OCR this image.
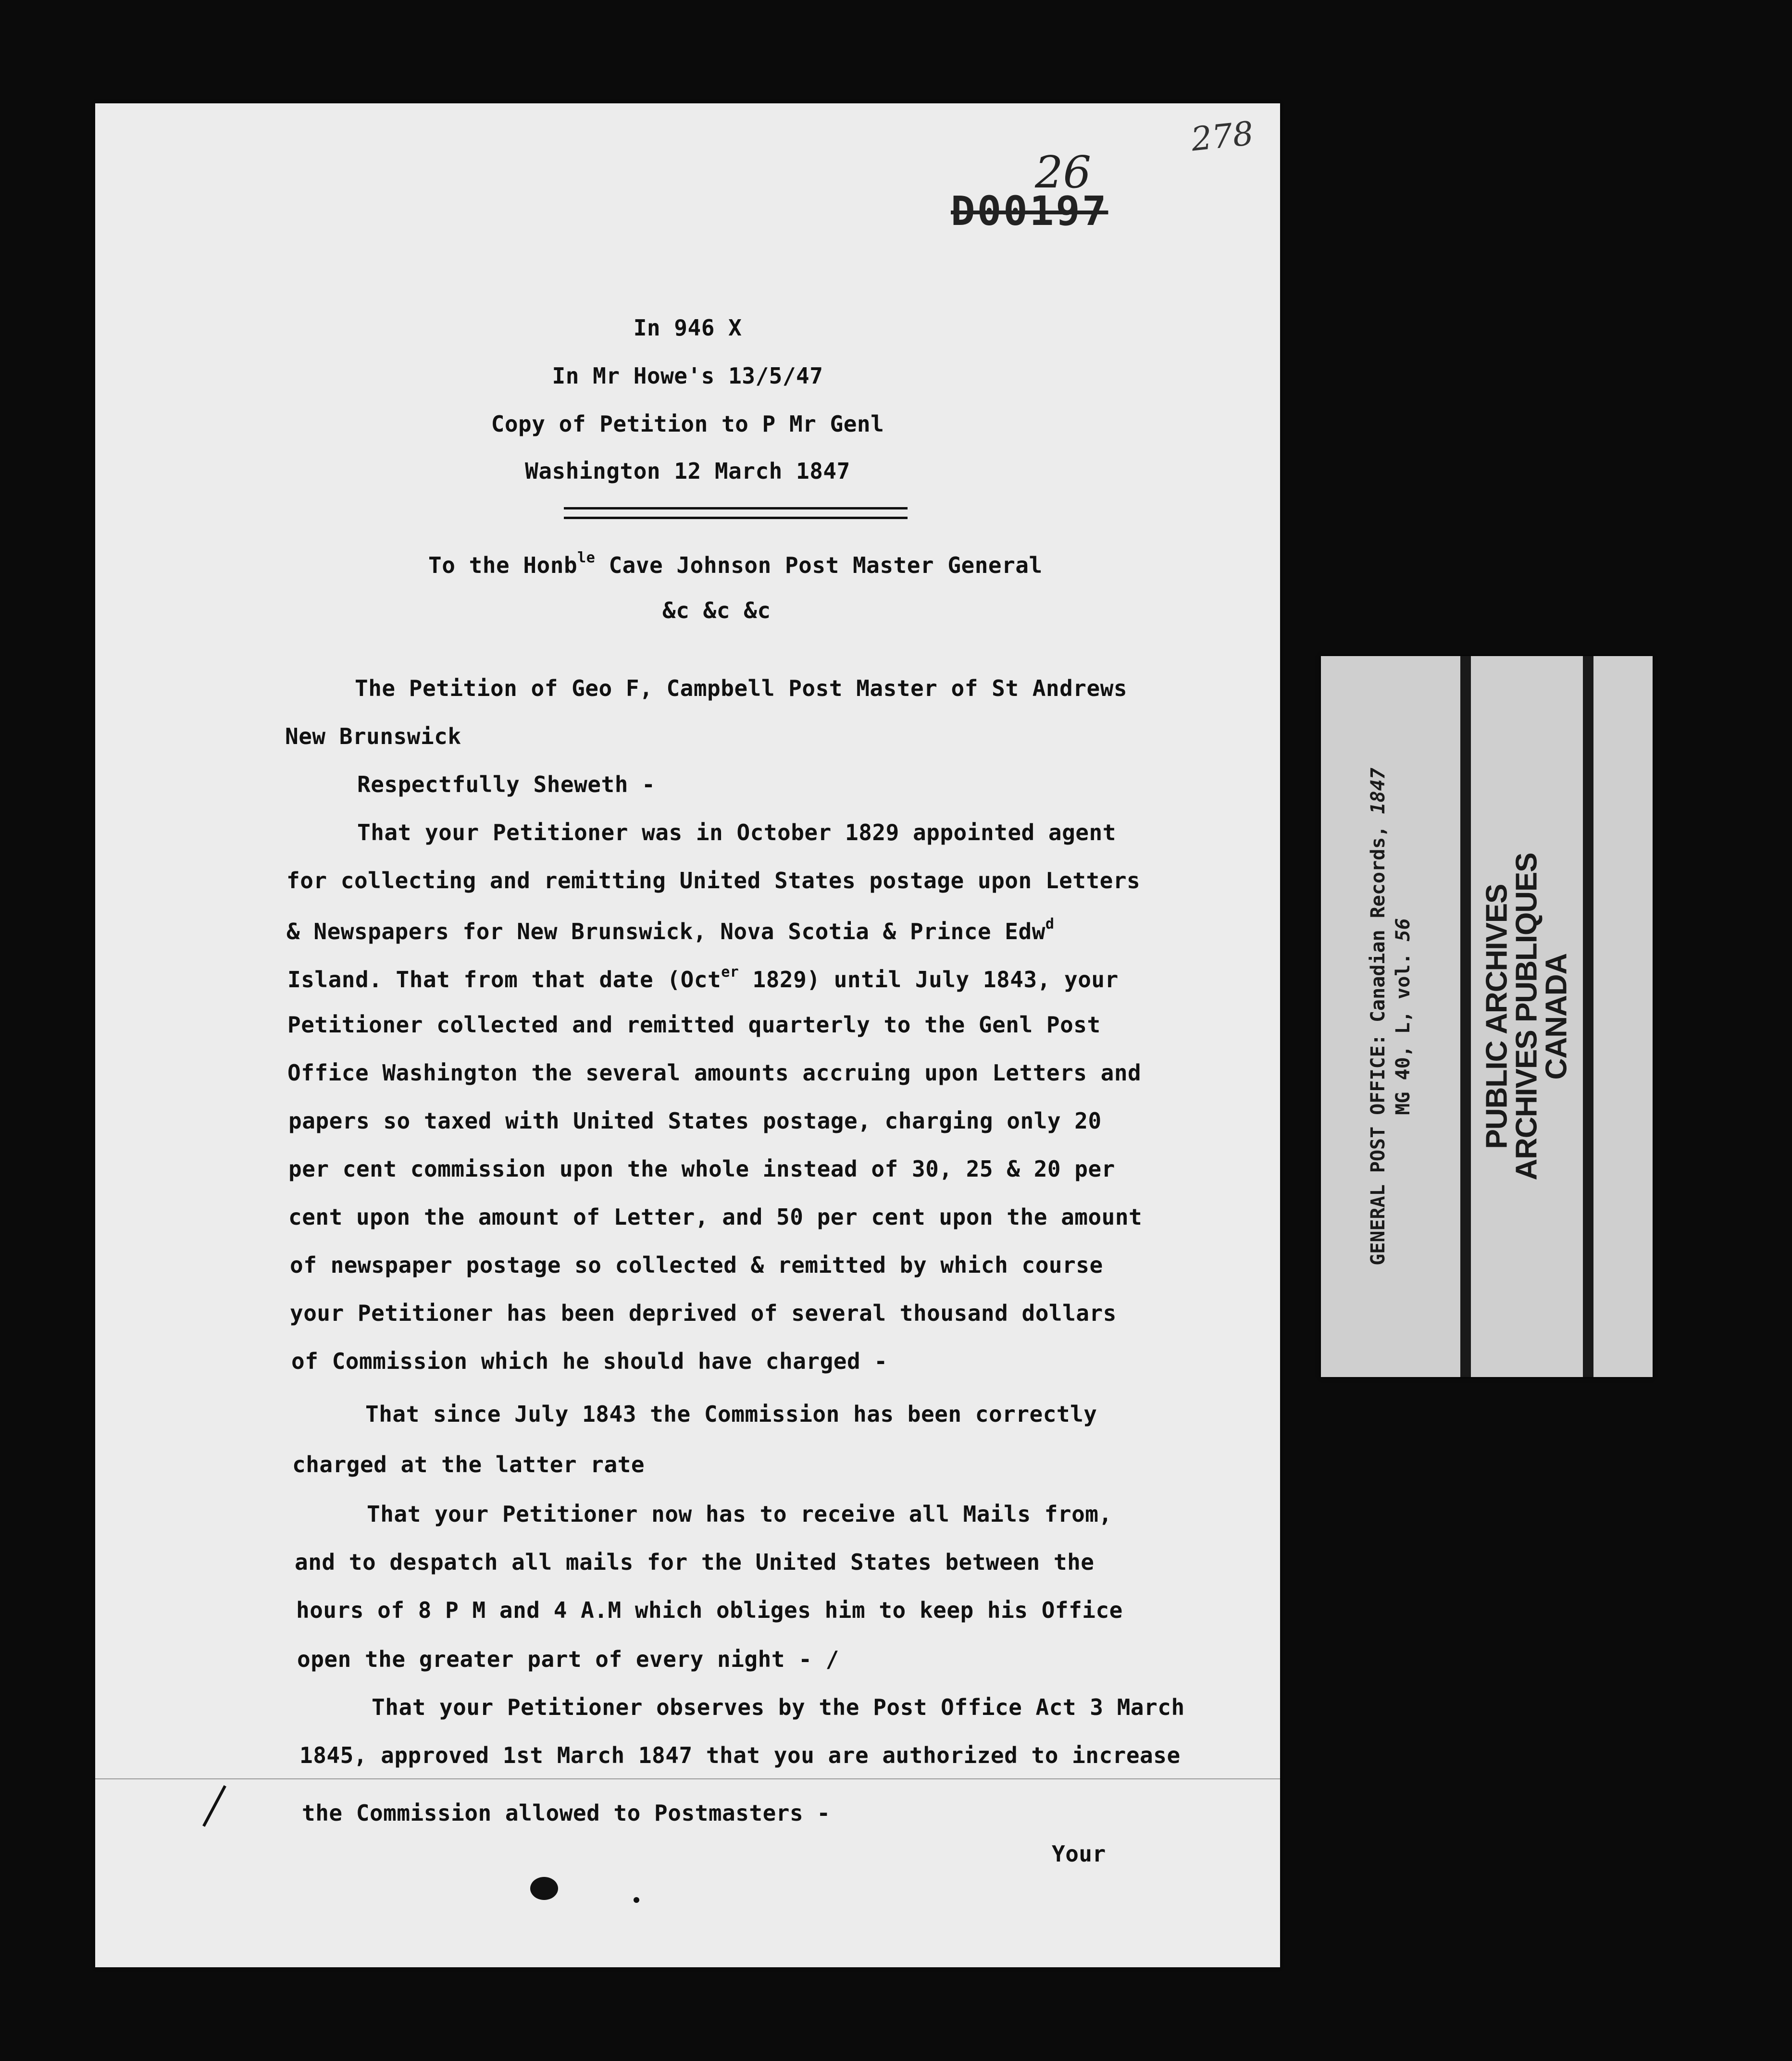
278
26
D00197
In 946 X
In Mr Howe's 13/5/47
Copy of Petition to P Mr Genl
Washington 12 March 1847
To the Honb$^{le}$ Cave Johnson Post Master General
&c &c &c
The Petition of Geo F, Campbell Post Master of St Andrews
New Brunswick
Respectfully Sheweth -
That your Petitioner was in October 1829 appointed agent
for collecting and remitting United States postage upon Letters
& Newspapers for New Brunswick, Nova Scotia & Prince Edw$^d$
Island. That from that date (Oct$^{er}$ 1829) until July 1843, your
Petitioner collected and remitted quarterly to the Genl Post
Office Washington the several amounts accruing upon Letters and
papers so taxed with United States postage, charging only 20
per cent commission upon the whole instead of 30, 25 & 20 per
cent upon the amount of Letter, and 50 per cent upon the amount
of newspaper postage so collected & remitted by which course
your Petitioner has been deprived of several thousand dollars
of Commission which he should have charged -
That since July 1843 the Commission has been correctly
charged at the latter rate
That your Petitioner now has to receive all Mails from,
and to despatch all mails for the United States between the
hours of 8 P M and 4 A.M which obliges him to keep his Office
open the greater part of every night - /
That your Petitioner observes by the Post Office Act 3 March
1845, approved 1st March 1847 that you are authorized to increase
the Commission allowed to Postmasters -
Your
GENERAL POST OFFICE: Canadian Records, 1847
MG 40, L, vol. 56 PUBLIC ARCHIVES
ARCHIVES PUBLIQUES
CANADA
